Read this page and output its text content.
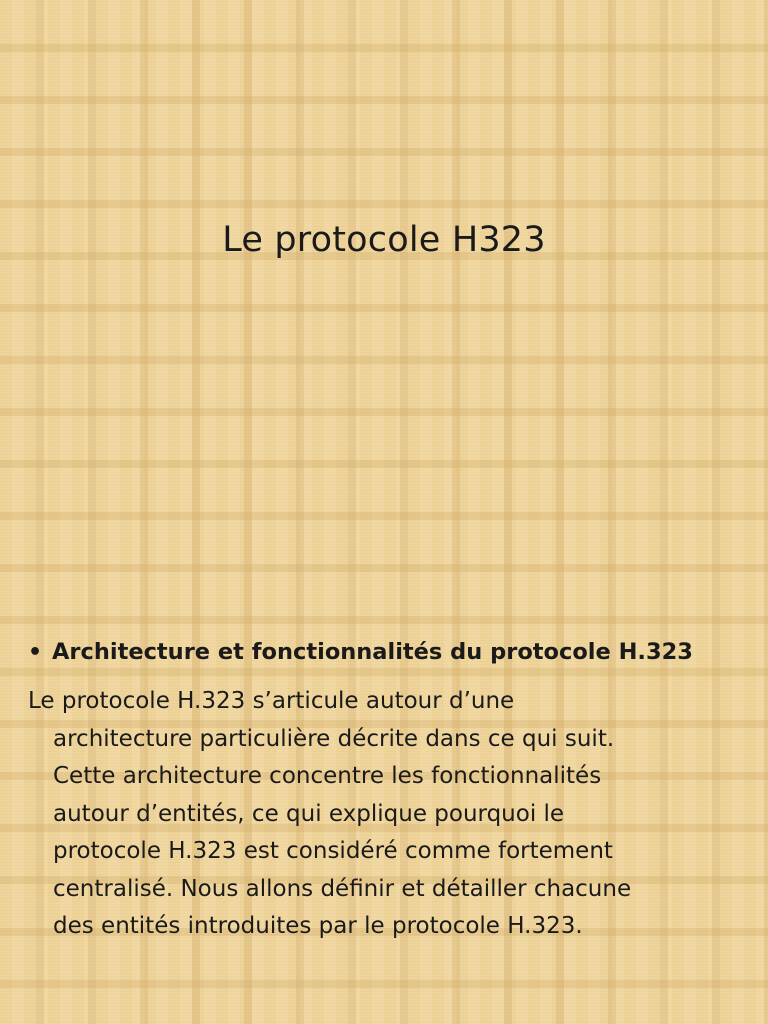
Le protocole H323
• Architecture et fonctionnalités du protocole H.323

Le protocole H.323 s’articule autour d’une
architecture particulière décrite dans ce qui suit.
Cette architecture concentre les fonctionnalités
autour d’entités, ce qui explique pourquoi le
protocole H.323 est considéré comme fortement
centralisé. Nous allons définir et détailler chacune
des entités introduites par le protocole H.323.
